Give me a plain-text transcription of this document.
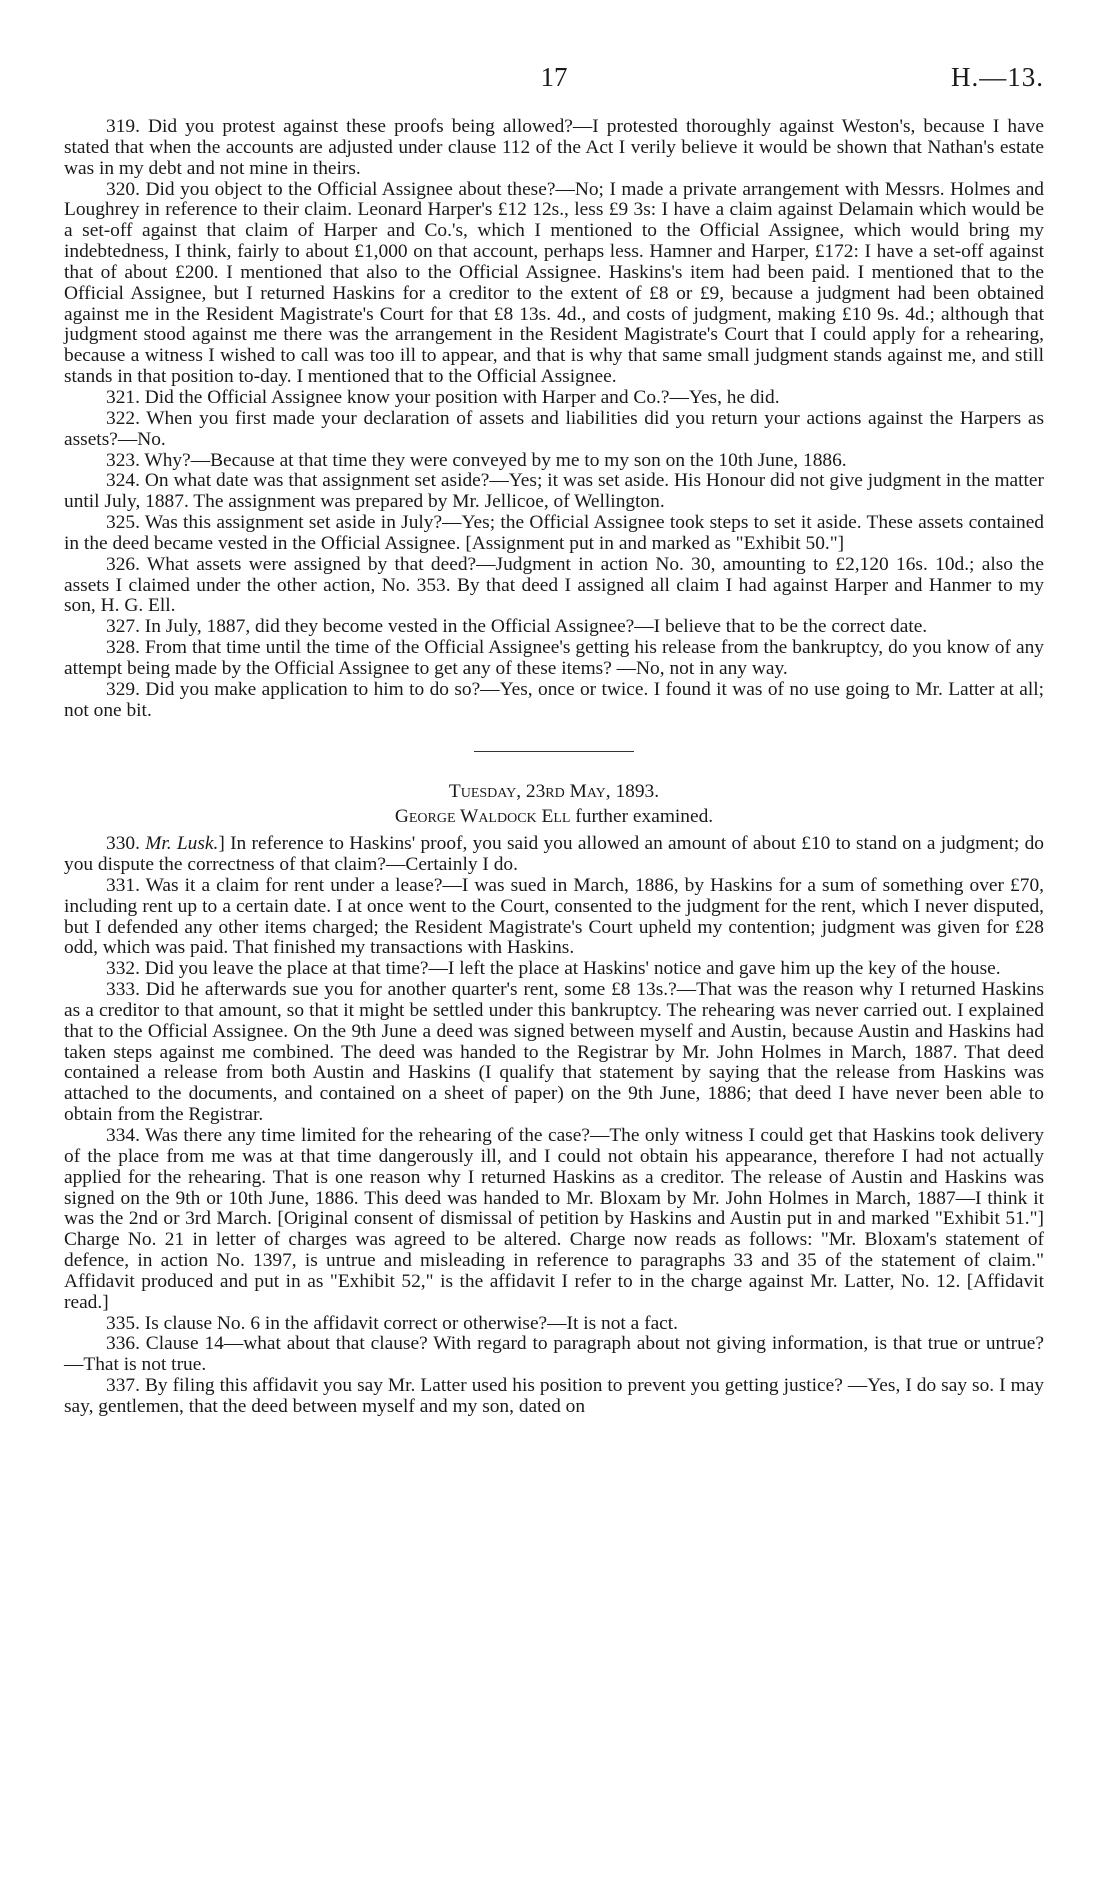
17	H.—13.

319. Did you protest against these proofs being allowed?—I protested thoroughly against Weston's, because I have stated that when the accounts are adjusted under clause 112 of the Act I verily believe it would be shown that Nathan's estate was in my debt and not mine in theirs.

320. Did you object to the Official Assignee about these?—No; I made a private arrangement with Messrs. Holmes and Loughrey in reference to their claim. Leonard Harper's £12 12s., less £9 3s: I have a claim against Delamain which would be a set-off against that claim of Harper and Co.'s, which I mentioned to the Official Assignee, which would bring my indebtedness, I think, fairly to about £1,000 on that account, perhaps less. Hamner and Harper, £172: I have a set-off against that of about £200. I mentioned that also to the Official Assignee. Haskins's item had been paid. I mentioned that to the Official Assignee, but I returned Haskins for a creditor to the extent of £8 or £9, because a judgment had been obtained against me in the Resident Magistrate's Court for that £8 13s. 4d., and costs of judgment, making £10 9s. 4d.; although that judgment stood against me there was the arrangement in the Resident Magistrate's Court that I could apply for a rehearing, because a witness I wished to call was too ill to appear, and that is why that same small judgment stands against me, and still stands in that position to-day. I mentioned that to the Official Assignee.

321. Did the Official Assignee know your position with Harper and Co.?—Yes, he did.

322. When you first made your declaration of assets and liabilities did you return your actions against the Harpers as assets?—No.

323. Why?—Because at that time they were conveyed by me to my son on the 10th June, 1886.

324. On what date was that assignment set aside?—Yes; it was set aside. His Honour did not give judgment in the matter until July, 1887. The assignment was prepared by Mr. Jellicoe, of Wellington.

325. Was this assignment set aside in July?—Yes; the Official Assignee took steps to set it aside. These assets contained in the deed became vested in the Official Assignee. [Assignment put in and marked as "Exhibit 50."]

326. What assets were assigned by that deed?—Judgment in action No. 30, amounting to £2,120 16s. 10d.; also the assets I claimed under the other action, No. 353. By that deed I assigned all claim I had against Harper and Hanmer to my son, H. G. Ell.

327. In July, 1887, did they become vested in the Official Assignee?—I believe that to be the correct date.

328. From that time until the time of the Official Assignee's getting his release from the bankruptcy, do you know of any attempt being made by the Official Assignee to get any of these items? —No, not in any way.

329. Did you make application to him to do so?—Yes, once or twice. I found it was of no use going to Mr. Latter at all; not one bit.

Tuesday, 23rd May, 1893.

George Waldock Ell further examined.

330. Mr. Lusk.] In reference to Haskins' proof, you said you allowed an amount of about £10 to stand on a judgment; do you dispute the correctness of that claim?—Certainly I do.

331. Was it a claim for rent under a lease?—I was sued in March, 1886, by Haskins for a sum of something over £70, including rent up to a certain date. I at once went to the Court, consented to the judgment for the rent, which I never disputed, but I defended any other items charged; the Resident Magistrate's Court upheld my contention; judgment was given for £28 odd, which was paid. That finished my transactions with Haskins.

332. Did you leave the place at that time?—I left the place at Haskins' notice and gave him up the key of the house.

333. Did he afterwards sue you for another quarter's rent, some £8 13s.?—That was the reason why I returned Haskins as a creditor to that amount, so that it might be settled under this bankruptcy. The rehearing was never carried out. I explained that to the Official Assignee. On the 9th June a deed was signed between myself and Austin, because Austin and Haskins had taken steps against me combined. The deed was handed to the Registrar by Mr. John Holmes in March, 1887. That deed contained a release from both Austin and Haskins (I qualify that statement by saying that the release from Haskins was attached to the documents, and contained on a sheet of paper) on the 9th June, 1886; that deed I have never been able to obtain from the Registrar.

334. Was there any time limited for the rehearing of the case?—The only witness I could get that Haskins took delivery of the place from me was at that time dangerously ill, and I could not obtain his appearance, therefore I had not actually applied for the rehearing. That is one reason why I returned Haskins as a creditor. The release of Austin and Haskins was signed on the 9th or 10th June, 1886. This deed was handed to Mr. Bloxam by Mr. John Holmes in March, 1887—I think it was the 2nd or 3rd March. [Original consent of dismissal of petition by Haskins and Austin put in and marked "Exhibit 51."] Charge No. 21 in letter of charges was agreed to be altered. Charge now reads as follows: "Mr. Bloxam's statement of defence, in action No. 1397, is untrue and misleading in reference to paragraphs 33 and 35 of the statement of claim." Affidavit produced and put in as "Exhibit 52," is the affidavit I refer to in the charge against Mr. Latter, No. 12. [Affidavit read.]

335. Is clause No. 6 in the affidavit correct or otherwise?—It is not a fact.

336. Clause 14—what about that clause? With regard to paragraph about not giving information, is that true or untrue?—That is not true.

337. By filing this affidavit you say Mr. Latter used his position to prevent you getting justice? —Yes, I do say so. I may say, gentlemen, that the deed between myself and my son, dated on
